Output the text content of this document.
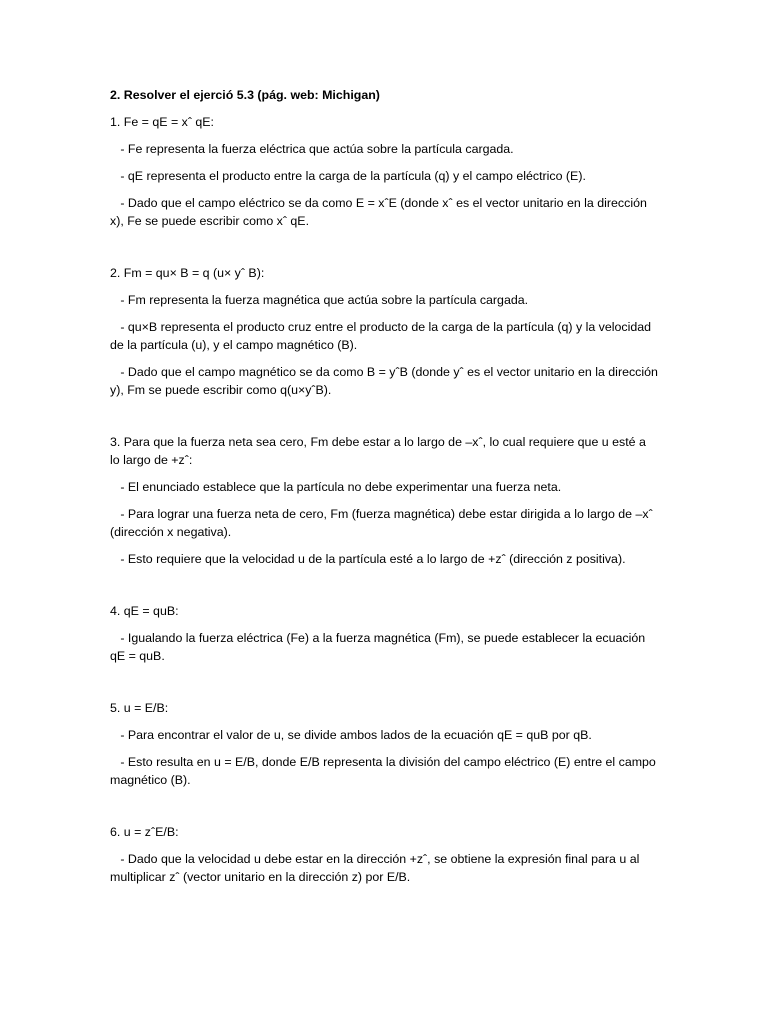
2. Resolver el ejerció 5.3 (pág. web: Michigan)

1. Fe = qE = xˆ qE:

- Fe representa la fuerza eléctrica que actúa sobre la partícula cargada.

- qE representa el producto entre la carga de la partícula (q) y el campo eléctrico (E).

- Dado que el campo eléctrico se da como E = xˆE (donde xˆ es el vector unitario en la dirección x), Fe se puede escribir como xˆ qE.

2. Fm = qu× B = q (u× yˆ B):

- Fm representa la fuerza magnética que actúa sobre la partícula cargada.

- qu×B representa el producto cruz entre el producto de la carga de la partícula (q) y la velocidad de la partícula (u), y el campo magnético (B).

- Dado que el campo magnético se da como B = yˆB (donde yˆ es el vector unitario en la dirección y), Fm se puede escribir como q(u×yˆB).

3. Para que la fuerza neta sea cero, Fm debe estar a lo largo de –xˆ, lo cual requiere que u esté a lo largo de +zˆ:

- El enunciado establece que la partícula no debe experimentar una fuerza neta.

- Para lograr una fuerza neta de cero, Fm (fuerza magnética) debe estar dirigida a lo largo de –xˆ (dirección x negativa).

- Esto requiere que la velocidad u de la partícula esté a lo largo de +zˆ (dirección z positiva).

4. qE = quB:

- Igualando la fuerza eléctrica (Fe) a la fuerza magnética (Fm), se puede establecer la ecuación qE = quB.

5. u = E/B:

- Para encontrar el valor de u, se divide ambos lados de la ecuación qE = quB por qB.

- Esto resulta en u = E/B, donde E/B representa la división del campo eléctrico (E) entre el campo magnético (B).

6. u = zˆE/B:

- Dado que la velocidad u debe estar en la dirección +zˆ, se obtiene la expresión final para u al multiplicar zˆ (vector unitario en la dirección z) por E/B.
